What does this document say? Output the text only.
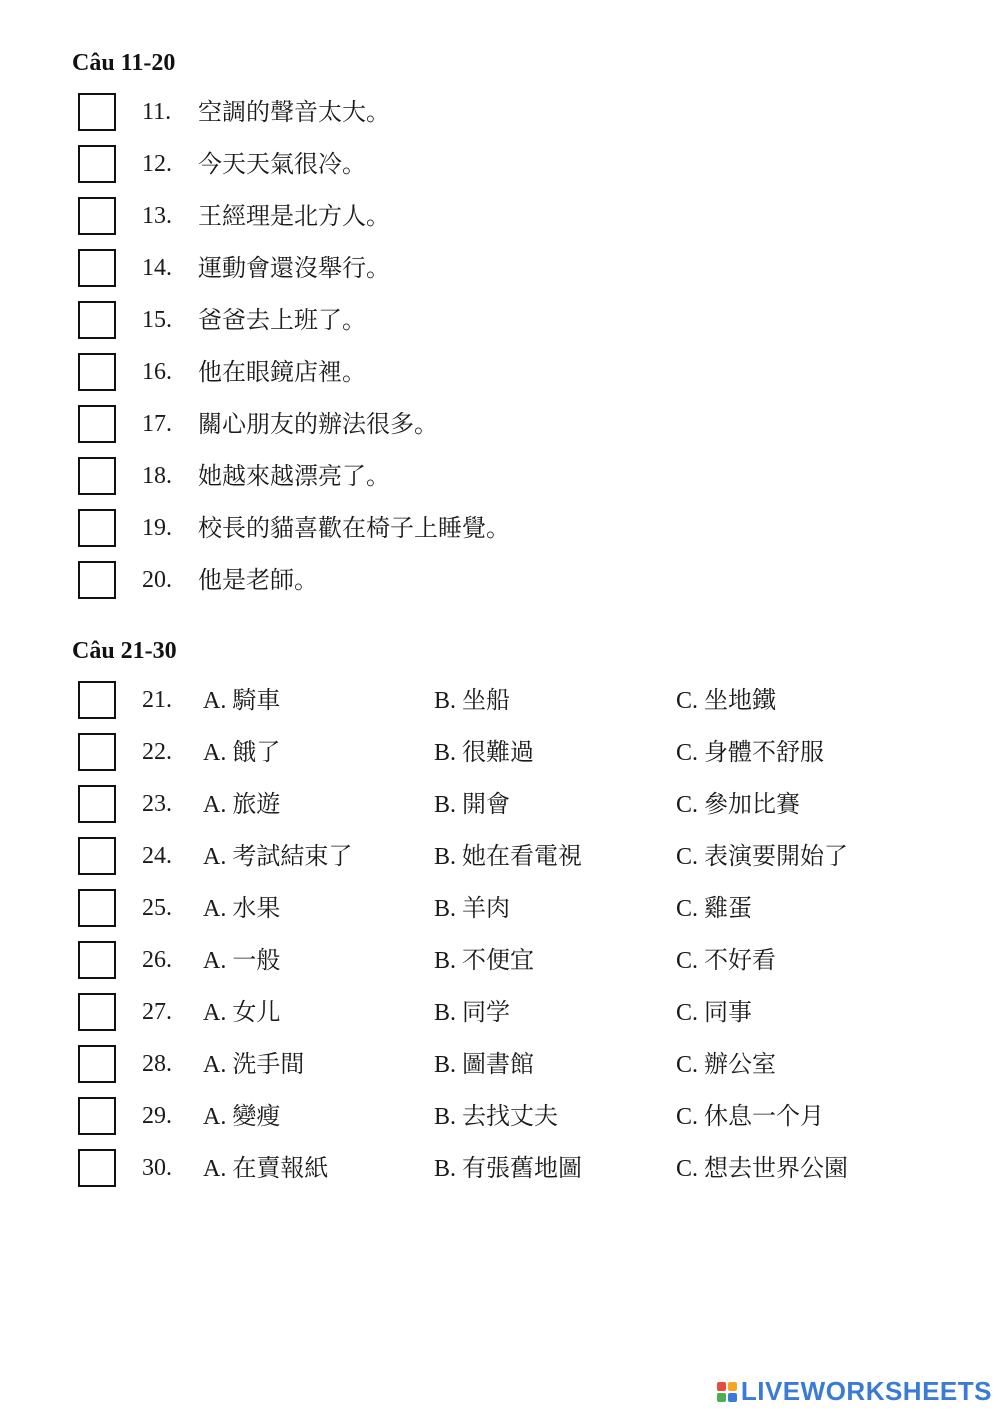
Câu 11-20
11. 空調的聲音太大。
12. 今天天氣很冷。
13. 王經理是北方人。
14. 運動會還沒舉行。
15. 爸爸去上班了。
16. 他在眼鏡店裡。
17. 關心朋友的辦法很多。
18. 她越來越漂亮了。
19. 校長的貓喜歡在椅子上睡覺。
20. 他是老師。
Câu 21-30
21. A. 騎車	B. 坐船	C. 坐地鐵
22. A. 餓了	B. 很難過	C. 身體不舒服
23. A. 旅遊	B. 開會	C. 參加比賽
24. A. 考試結束了	B. 她在看電視	C. 表演要開始了
25. A. 水果	B. 羊肉	C. 雞蛋
26. A. 一般	B. 不便宜	C. 不好看
27. A. 女儿	B. 同学	C. 同事
28. A. 洗手間	B. 圖書館	C. 辦公室
29. A. 變瘦	B. 去找丈夫	C. 休息一个月
30. A. 在賣報紙	B. 有張舊地圖	C. 想去世界公園
LIVEWORKSHEETS
